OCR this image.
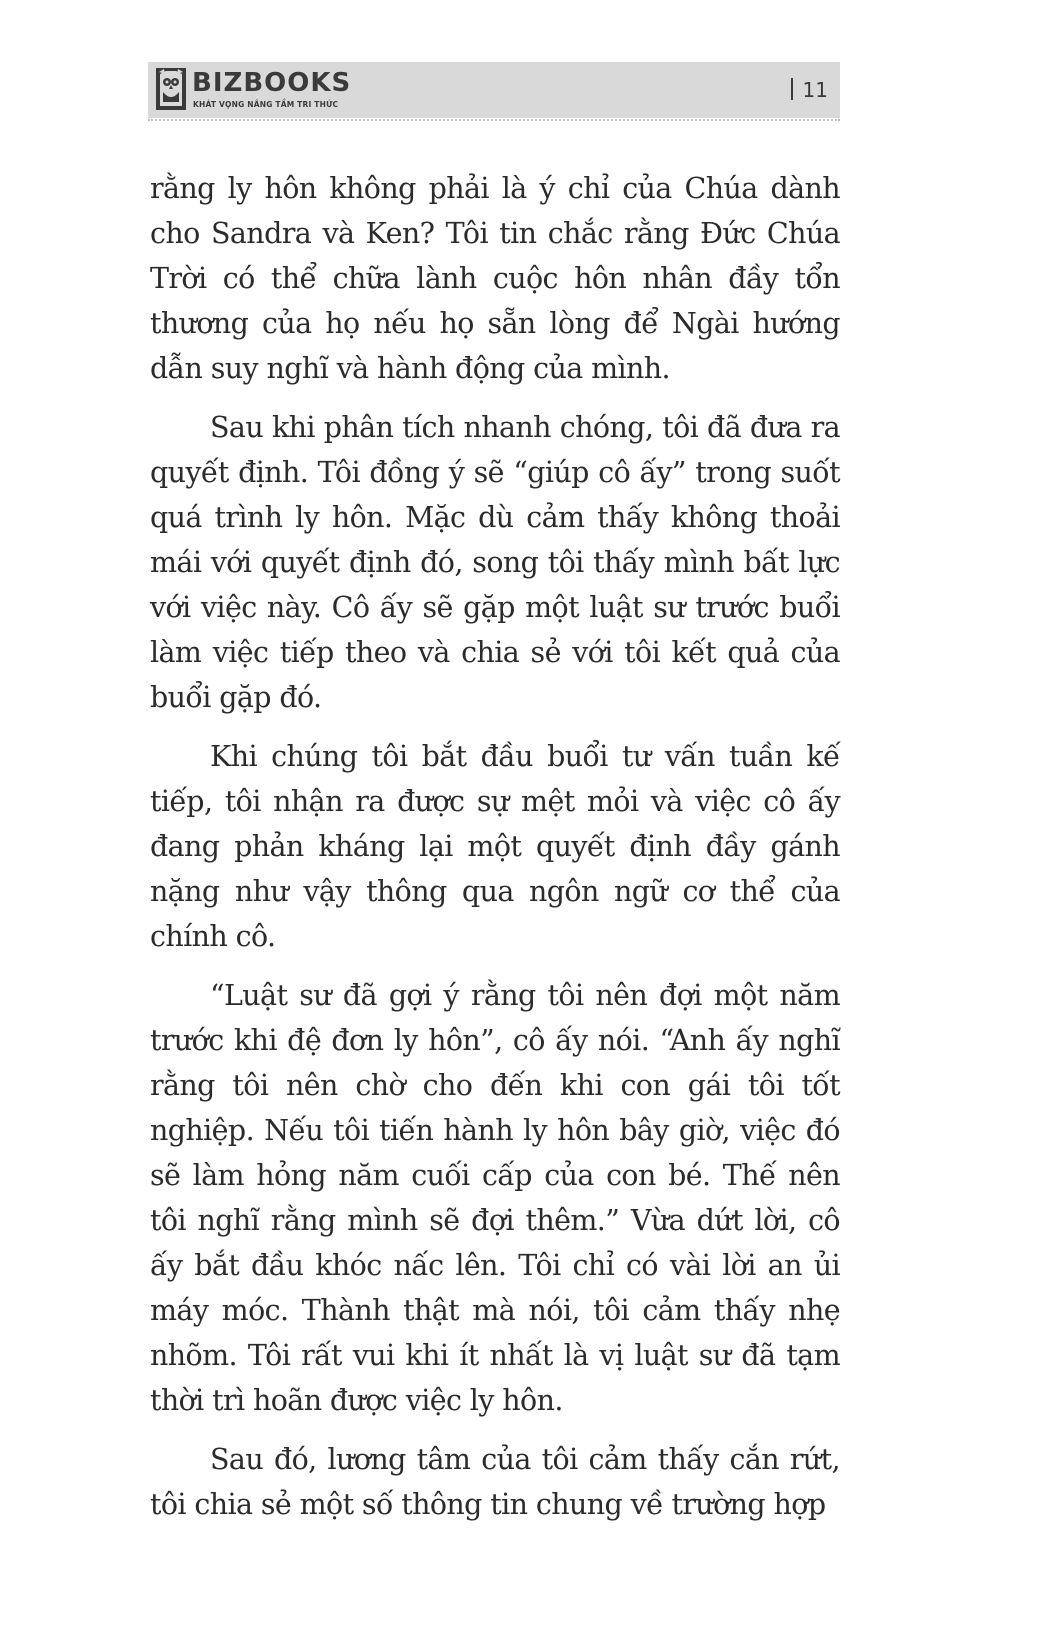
BIZBOOKS
KHÁT VỌNG NÂNG TẦM TRI THỨC
11

rằng ly hôn không phải là ý chỉ của Chúa dành cho Sandra và Ken? Tôi tin chắc rằng Đức Chúa Trời có thể chữa lành cuộc hôn nhân đầy tổn thương của họ nếu họ sẵn lòng để Ngài hướng dẫn suy nghĩ và hành động của mình.

Sau khi phân tích nhanh chóng, tôi đã đưa ra quyết định. Tôi đồng ý sẽ “giúp cô ấy” trong suốt quá trình ly hôn. Mặc dù cảm thấy không thoải mái với quyết định đó, song tôi thấy mình bất lực với việc này. Cô ấy sẽ gặp một luật sư trước buổi làm việc tiếp theo và chia sẻ với tôi kết quả của buổi gặp đó.

Khi chúng tôi bắt đầu buổi tư vấn tuần kế tiếp, tôi nhận ra được sự mệt mỏi và việc cô ấy đang phản kháng lại một quyết định đầy gánh nặng như vậy thông qua ngôn ngữ cơ thể của chính cô.

“Luật sư đã gợi ý rằng tôi nên đợi một năm trước khi đệ đơn ly hôn”, cô ấy nói. “Anh ấy nghĩ rằng tôi nên chờ cho đến khi con gái tôi tốt nghiệp. Nếu tôi tiến hành ly hôn bây giờ, việc đó sẽ làm hỏng năm cuối cấp của con bé. Thế nên tôi nghĩ rằng mình sẽ đợi thêm.” Vừa dứt lời, cô ấy bắt đầu khóc nấc lên. Tôi chỉ có vài lời an ủi máy móc. Thành thật mà nói, tôi cảm thấy nhẹ nhõm. Tôi rất vui khi ít nhất là vị luật sư đã tạm thời trì hoãn được việc ly hôn.

Sau đó, lương tâm của tôi cảm thấy cắn rứt, tôi chia sẻ một số thông tin chung về trường hợp
